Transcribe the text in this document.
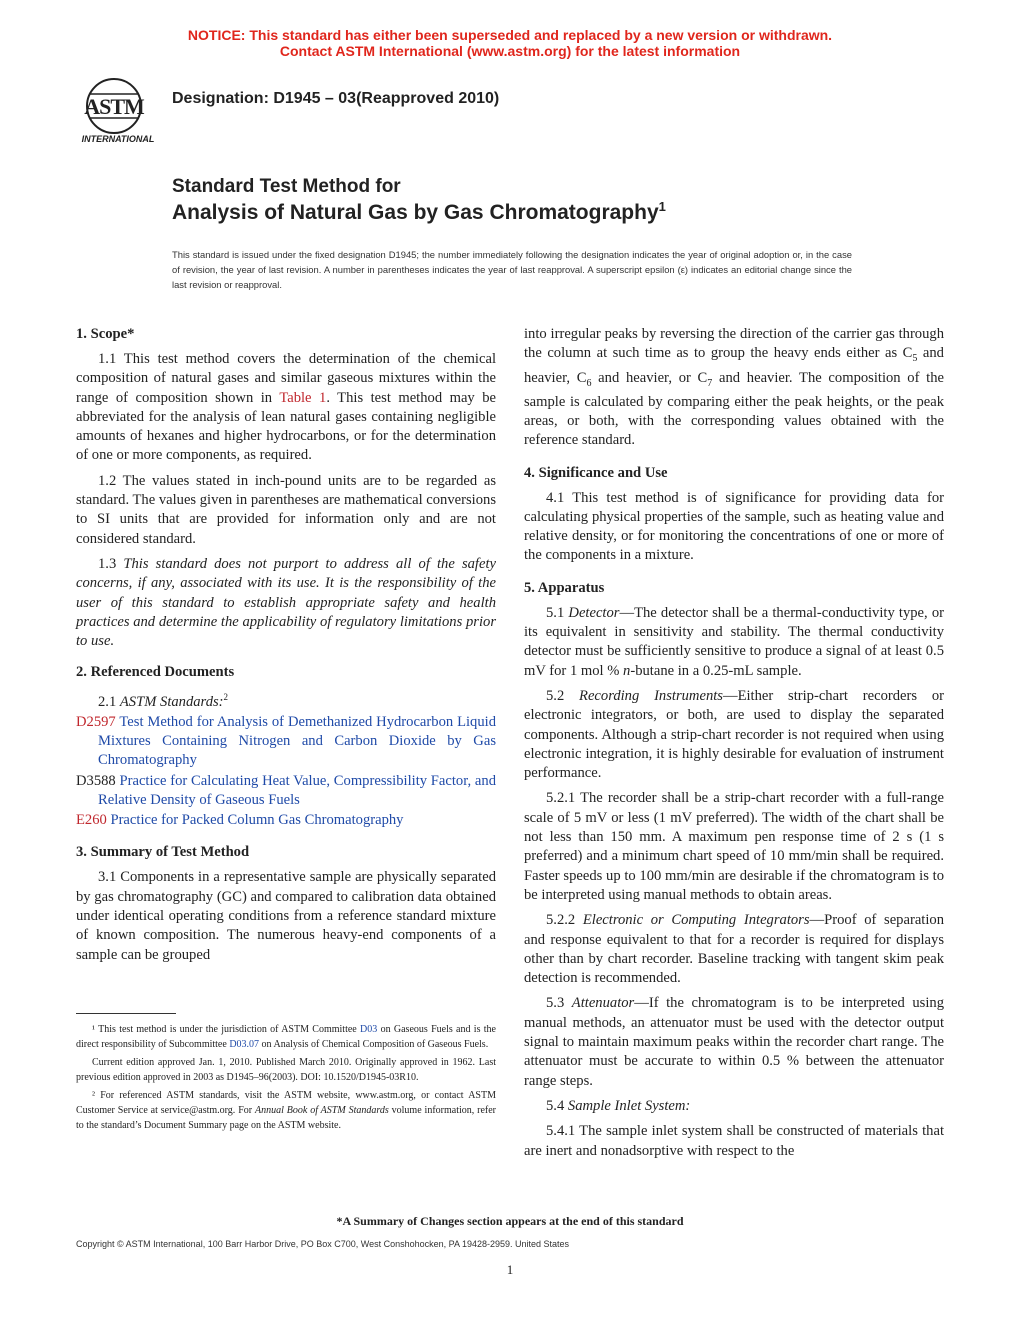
NOTICE: This standard has either been superseded and replaced by a new version or withdrawn.
Contact ASTM International (www.astm.org) for the latest information
ASTM
INTERNATIONAL
Designation: D1945 – 03(Reapproved 2010)
Standard Test Method for
Analysis of Natural Gas by Gas Chromatography$^1$
This standard is issued under the fixed designation D1945; the number immediately following the designation indicates the year of original adoption or, in the case of revision, the year of last revision. A number in parentheses indicates the year of last reapproval. A superscript epsilon (ε) indicates an editorial change since the last revision or reapproval.
1. Scope*

1.1 This test method covers the determination of the chemical composition of natural gases and similar gaseous mixtures within the range of composition shown in Table 1. This test method may be abbreviated for the analysis of lean natural gases containing negligible amounts of hexanes and higher hydrocarbons, or for the determination of one or more components, as required.

1.2 The values stated in inch-pound units are to be regarded as standard. The values given in parentheses are mathematical conversions to SI units that are provided for information only and are not considered standard.

1.3 This standard does not purport to address all of the safety concerns, if any, associated with its use. It is the responsibility of the user of this standard to establish appropriate safety and health practices and determine the applicability of regulatory limitations prior to use.

2. Referenced Documents

2.1 ASTM Standards:$^2$

D2597 Test Method for Analysis of Demethanized Hydrocarbon Liquid Mixtures Containing Nitrogen and Carbon Dioxide by Gas Chromatography
D3588 Practice for Calculating Heat Value, Compressibility Factor, and Relative Density of Gaseous Fuels
E260 Practice for Packed Column Gas Chromatography
3. Summary of Test Method

3.1 Components in a representative sample are physically separated by gas chromatography (GC) and compared to calibration data obtained under identical operating conditions from a reference standard mixture of known composition. The numerous heavy-end components of a sample can be grouped

¹ This test method is under the jurisdiction of ASTM Committee D03 on Gaseous Fuels and is the direct responsibility of Subcommittee D03.07 on Analysis of Chemical Composition of Gaseous Fuels.

Current edition approved Jan. 1, 2010. Published March 2010. Originally approved in 1962. Last previous edition approved in 2003 as D1945–96(2003). DOI: 10.1520/D1945-03R10.

² For referenced ASTM standards, visit the ASTM website, www.astm.org, or contact ASTM Customer Service at service@astm.org. For Annual Book of ASTM Standards volume information, refer to the standard’s Document Summary page on the ASTM website.

into irregular peaks by reversing the direction of the carrier gas through the column at such time as to group the heavy ends either as $C_5$ and heavier, $C_6$ and heavier, or $C_7$ and heavier. The composition of the sample is calculated by comparing either the peak heights, or the peak areas, or both, with the corresponding values obtained with the reference standard.

4. Significance and Use

4.1 This test method is of significance for providing data for calculating physical properties of the sample, such as heating value and relative density, or for monitoring the concentrations of one or more of the components in a mixture.

5. Apparatus

5.1 Detector—The detector shall be a thermal-conductivity type, or its equivalent in sensitivity and stability. The thermal conductivity detector must be sufficiently sensitive to produce a signal of at least 0.5 mV for 1 mol % n-butane in a 0.25-mL sample.

5.2 Recording Instruments—Either strip-chart recorders or electronic integrators, or both, are used to display the separated components. Although a strip-chart recorder is not required when using electronic integration, it is highly desirable for evaluation of instrument performance.

5.2.1 The recorder shall be a strip-chart recorder with a full-range scale of 5 mV or less (1 mV preferred). The width of the chart shall be not less than 150 mm. A maximum pen response time of 2 s (1 s preferred) and a minimum chart speed of 10 mm/min shall be required. Faster speeds up to 100 mm/min are desirable if the chromatogram is to be interpreted using manual methods to obtain areas.

5.2.2 Electronic or Computing Integrators—Proof of separation and response equivalent to that for a recorder is required for displays other than by chart recorder. Baseline tracking with tangent skim peak detection is recommended.

5.3 Attenuator—If the chromatogram is to be interpreted using manual methods, an attenuator must be used with the detector output signal to maintain maximum peaks within the recorder chart range. The attenuator must be accurate to within 0.5 % between the attenuator range steps.

5.4 Sample Inlet System:

5.4.1 The sample inlet system shall be constructed of materials that are inert and nonadsorptive with respect to the

*A Summary of Changes section appears at the end of this standard
Copyright © ASTM International, 100 Barr Harbor Drive, PO Box C700, West Conshohocken, PA 19428-2959. United States
1
